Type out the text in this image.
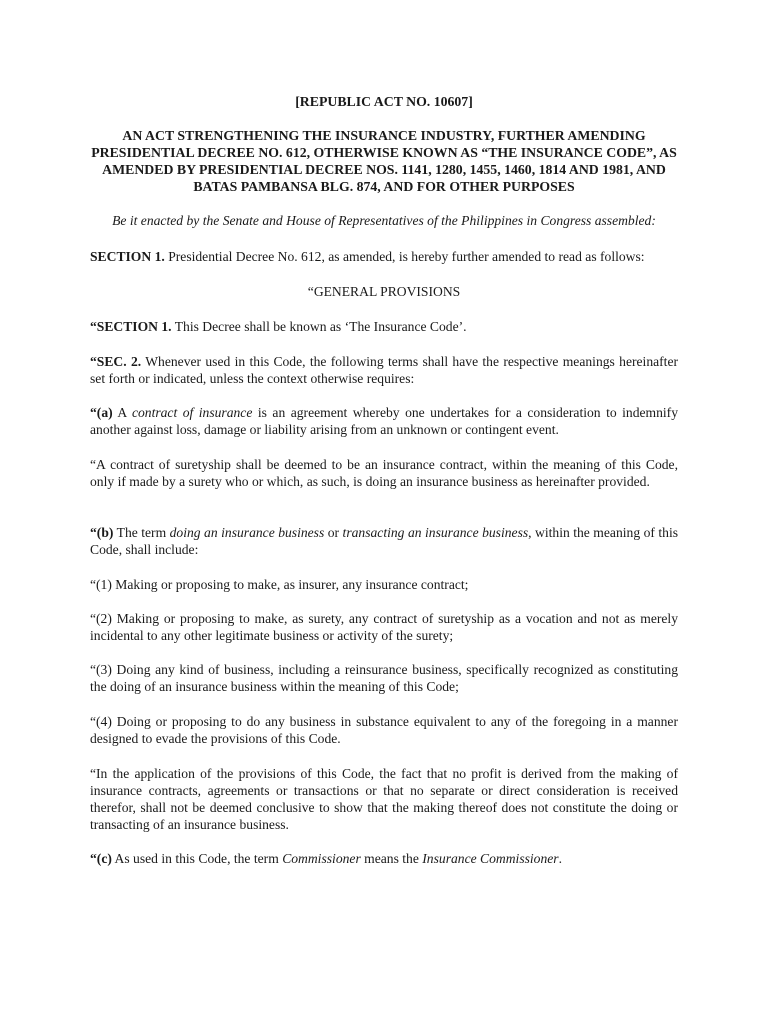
[REPUBLIC ACT NO. 10607]

AN ACT STRENGTHENING THE INSURANCE INDUSTRY, FURTHER AMENDING PRESIDENTIAL DECREE NO. 612, OTHERWISE KNOWN AS “THE INSURANCE CODE”, AS AMENDED BY PRESIDENTIAL DECREE NOS. 1141, 1280, 1455, 1460, 1814 AND 1981, AND BATAS PAMBANSA BLG. 874, AND FOR OTHER PURPOSES

Be it enacted by the Senate and House of Representatives of the Philippines in Congress assembled:

SECTION 1. Presidential Decree No. 612, as amended, is hereby further amended to read as follows:

“GENERAL PROVISIONS

“SECTION 1. This Decree shall be known as ‘The Insurance Code’.

“SEC. 2. Whenever used in this Code, the following terms shall have the respective meanings hereinafter set forth or indicated, unless the context otherwise requires:

“(a) A contract of insurance is an agreement whereby one undertakes for a consideration to indemnify another against loss, damage or liability arising from an unknown or contingent event.

“A contract of suretyship shall be deemed to be an insurance contract, within the meaning of this Code, only if made by a surety who or which, as such, is doing an insurance business as hereinafter provided.

“(b) The term doing an insurance business or transacting an insurance business, within the meaning of this Code, shall include:

“(1) Making or proposing to make, as insurer, any insurance contract;

“(2) Making or proposing to make, as surety, any contract of suretyship as a vocation and not as merely incidental to any other legitimate business or activity of the surety;

“(3) Doing any kind of business, including a reinsurance business, specifically recognized as constituting the doing of an insurance business within the meaning of this Code;

“(4) Doing or proposing to do any business in substance equivalent to any of the foregoing in a manner designed to evade the provisions of this Code.

“In the application of the provisions of this Code, the fact that no profit is derived from the making of insurance contracts, agreements or transactions or that no separate or direct consideration is received therefor, shall not be deemed conclusive to show that the making thereof does not constitute the doing or transacting of an insurance business.

“(c) As used in this Code, the term Commissioner means the Insurance Commissioner.
